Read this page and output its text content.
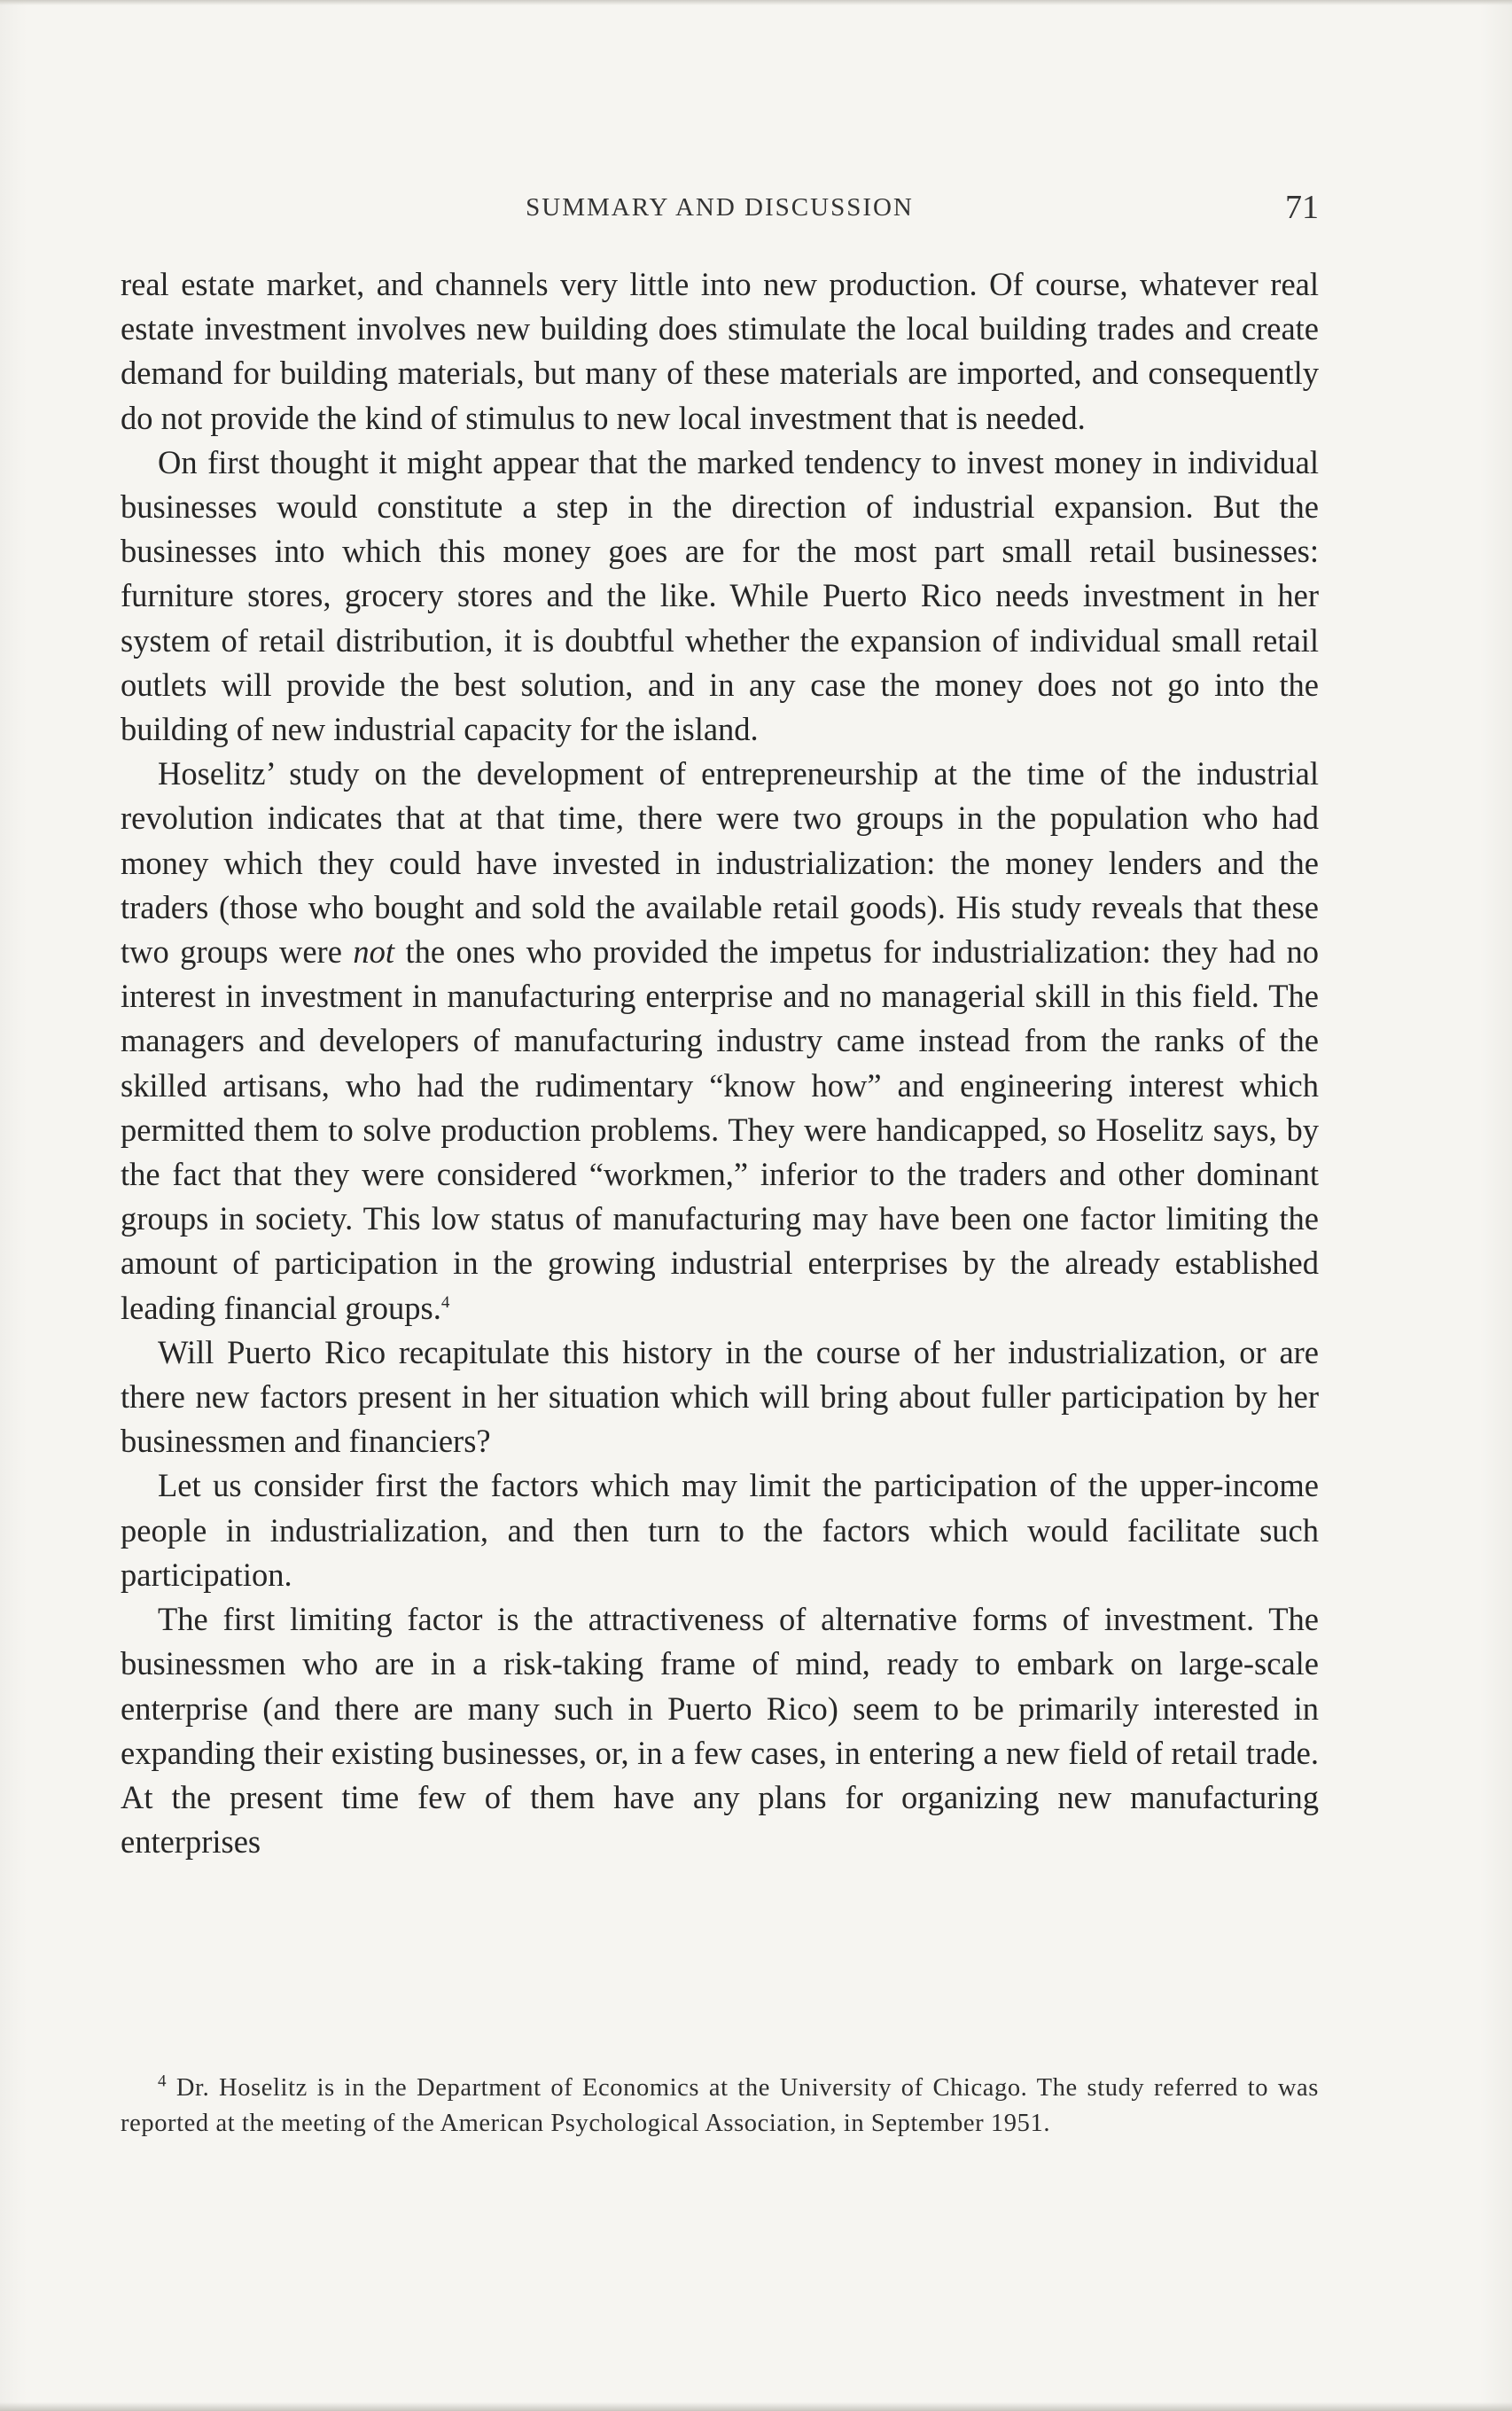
SUMMARY AND DISCUSSION	71

real estate market, and channels very little into new production. Of course, whatever real estate investment involves new building does stimulate the local building trades and create demand for building materials, but many of these materials are imported, and consequently do not provide the kind of stimulus to new local investment that is needed.

On first thought it might appear that the marked tendency to invest money in individual businesses would constitute a step in the direction of industrial expansion. But the businesses into which this money goes are for the most part small retail businesses: furniture stores, grocery stores and the like. While Puerto Rico needs investment in her system of retail distribution, it is doubtful whether the expansion of individual small retail outlets will provide the best solution, and in any case the money does not go into the building of new industrial capacity for the island.

Hoselitz’ study on the development of entrepreneurship at the time of the industrial revolution indicates that at that time, there were two groups in the population who had money which they could have invested in industrialization: the money lenders and the traders (those who bought and sold the available retail goods). His study reveals that these two groups were not the ones who provided the impetus for industrialization: they had no interest in investment in manufacturing enterprise and no managerial skill in this field. The managers and developers of manufacturing industry came instead from the ranks of the skilled artisans, who had the rudimentary “know how” and engineering interest which permitted them to solve production problems. They were handicapped, so Hoselitz says, by the fact that they were considered “workmen,” inferior to the traders and other dominant groups in society. This low status of manufacturing may have been one factor limiting the amount of participation in the growing industrial enterprises by the already established leading financial groups.$^4$

Will Puerto Rico recapitulate this history in the course of her industrialization, or are there new factors present in her situation which will bring about fuller participation by her businessmen and financiers?

Let us consider first the factors which may limit the participation of the upper-income people in industrialization, and then turn to the factors which would facilitate such participation.

The first limiting factor is the attractiveness of alternative forms of investment. The businessmen who are in a risk-taking frame of mind, ready to embark on large-scale enterprise (and there are many such in Puerto Rico) seem to be primarily interested in expanding their existing businesses, or, in a few cases, in entering a new field of retail trade. At the present time few of them have any plans for organizing new manufacturing enterprises

$^4$ Dr. Hoselitz is in the Department of Economics at the University of Chicago. The study referred to was reported at the meeting of the American Psychological Association, in September 1951.
